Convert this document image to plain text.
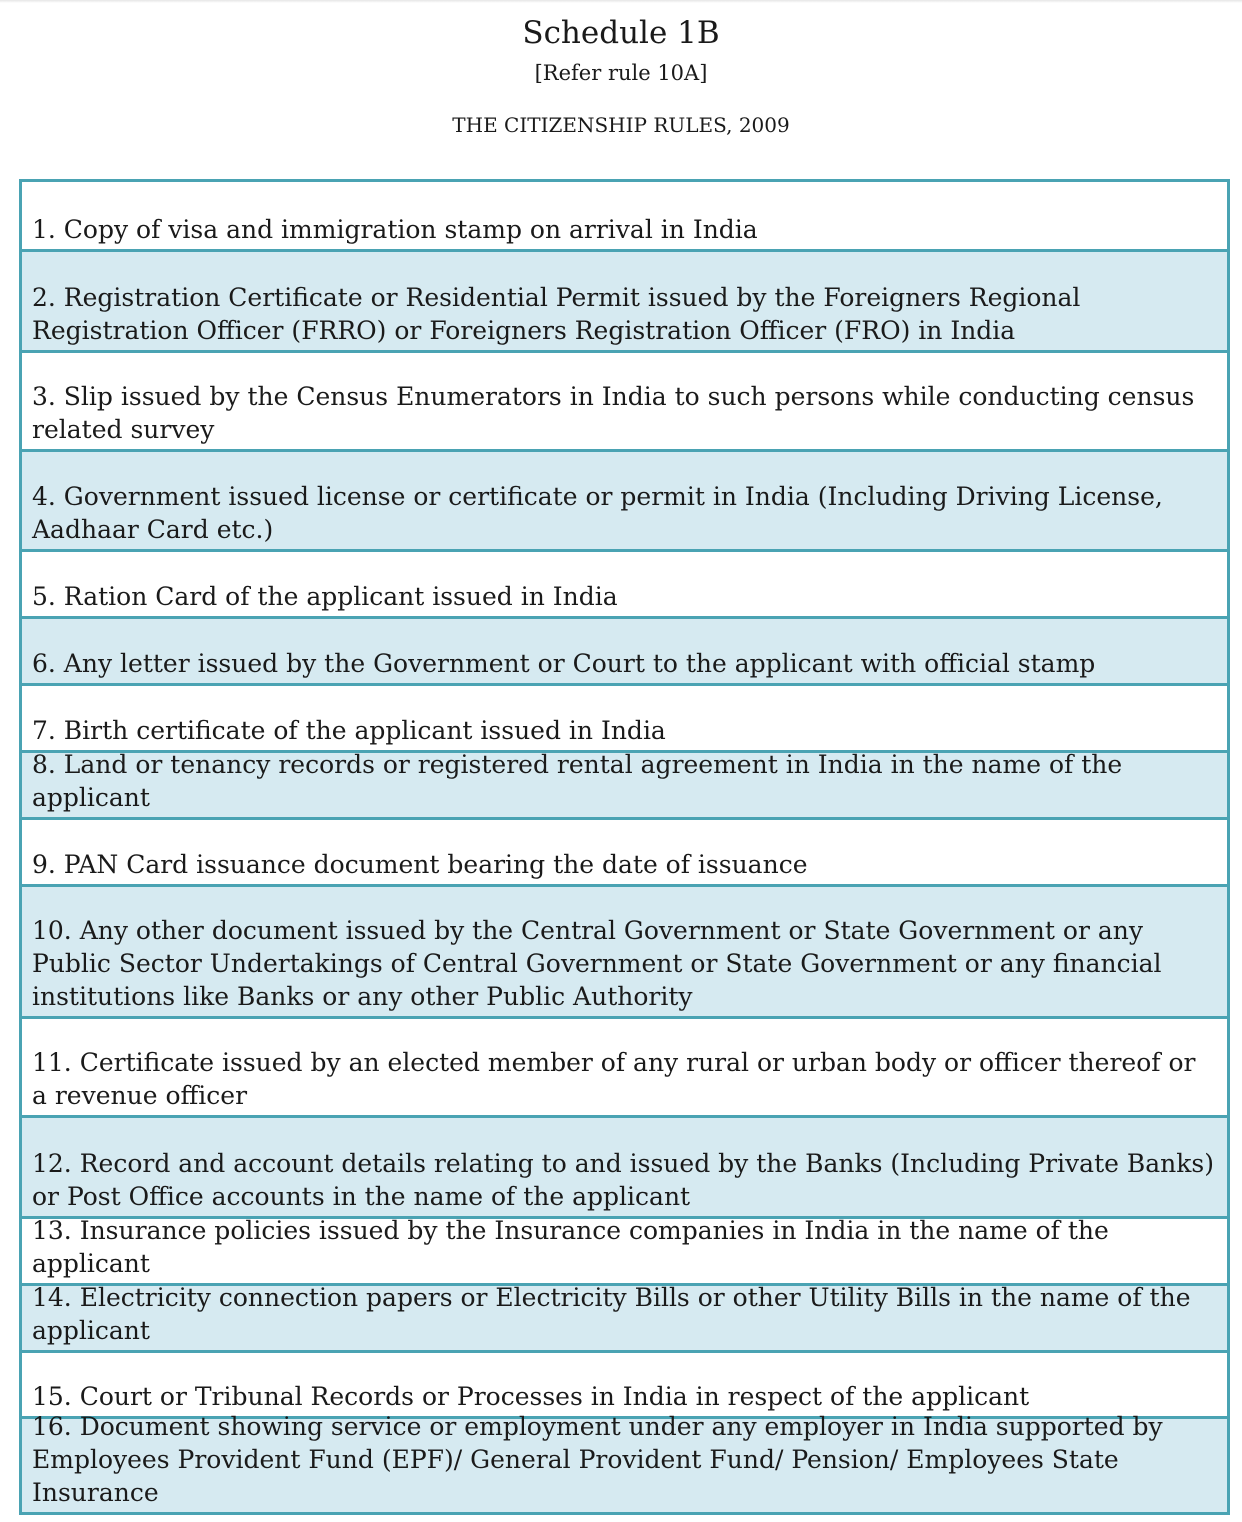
Schedule 1B
[Refer rule 10A]
THE CITIZENSHIP RULES, 2009
1. Copy of visa and immigration stamp on arrival in India
2. Registration Certificate or Residential Permit issued by the Foreigners Regional Registration Officer (FRRO) or Foreigners Registration Officer (FRO) in India
3. Slip issued by the Census Enumerators in India to such persons while conducting census related survey
4. Government issued license or certificate or permit in India (Including Driving License, Aadhaar Card etc.)
5. Ration Card of the applicant issued in India
6. Any letter issued by the Government or Court to the applicant with official stamp
7. Birth certificate of the applicant issued in India
8. Land or tenancy records or registered rental agreement in India in the name of the applicant
9. PAN Card issuance document bearing the date of issuance
10. Any other document issued by the Central Government or State Government or any Public Sector Undertakings of Central Government or State Government or any financial institutions like Banks or any other Public Authority
11. Certificate issued by an elected member of any rural or urban body or officer thereof or a revenue officer
12. Record and account details relating to and issued by the Banks (Including Private Banks) or Post Office accounts in the name of the applicant
13. Insurance policies issued by the Insurance companies in India in the name of the applicant
14. Electricity connection papers or Electricity Bills or other Utility Bills in the name of the applicant
15. Court or Tribunal Records or Processes in India in respect of the applicant
16. Document showing service or employment under any employer in India supported by Employees Provident Fund (EPF)/ General Provident Fund/ Pension/ Employees State Insurance
